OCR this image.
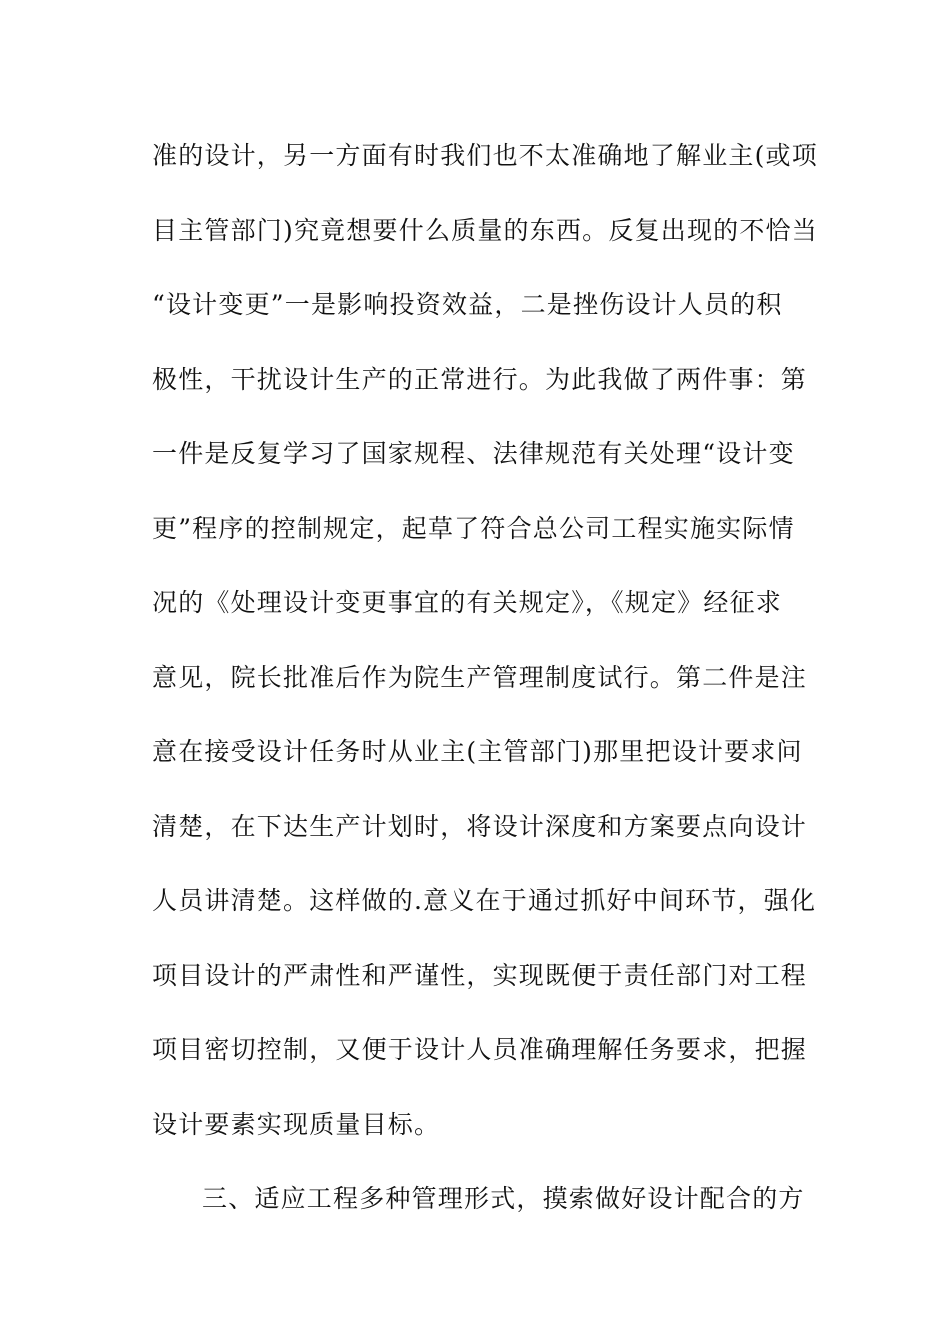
准的设计，另一方面有时我们也不太准确地了解业主(或项
目主管部门)究竟想要什么质量的东西。反复出现的不恰当
“设计变更”一是影响投资效益，二是挫伤设计人员的积
极性，干扰设计生产的正常进行。为此我做了两件事：第
一件是反复学习了国家规程、法律规范有关处理“设计变
更”程序的控制规定，起草了符合总公司工程实施实际情
况的《处理设计变更事宜的有关规定》，《规定》经征求
意见，院长批准后作为院生产管理制度试行。第二件是注
意在接受设计任务时从业主(主管部门)那里把设计要求问
清楚，在下达生产计划时，将设计深度和方案要点向设计
人员讲清楚。这样做的.意义在于通过抓好中间环节，强化
项目设计的严肃性和严谨性，实现既便于责任部门对工程
项目密切控制，又便于设计人员准确理解任务要求，把握
设计要素实现质量目标。
三、适应工程多种管理形式，摸索做好设计配合的方
